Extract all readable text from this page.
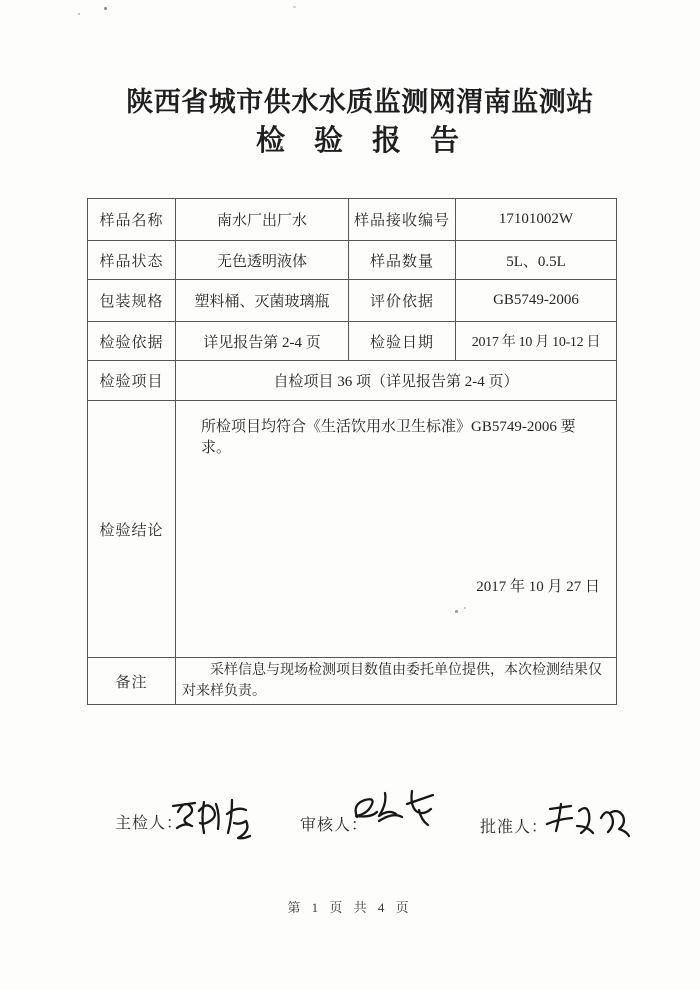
陕西省城市供水水质监测网渭南监测站
检验报告
样品名称	南水厂出厂水	样品接收编号	17101002W
样品状态	无色透明液体	样品数量	5L、0.5L
包装规格	塑料桶、灭菌玻璃瓶	评价依据	GB5749-2006
检验依据	详见报告第 2-4 页	检验日期	2017 年 10 月 10-12 日
检验项目	自检项目 36 项（详见报告第 2-4 页）		
检验结论	所检项目均符合《生活饮用水卫生标准》GB5749-2006 要求。
2017 年 10 月 27 日		

备注	采样信息与现场检测项目数值由委托单位提供，本次检测结果仅对来样负责。		
主检人：	审核人：	批准人：
第 1 页 共 4 页
